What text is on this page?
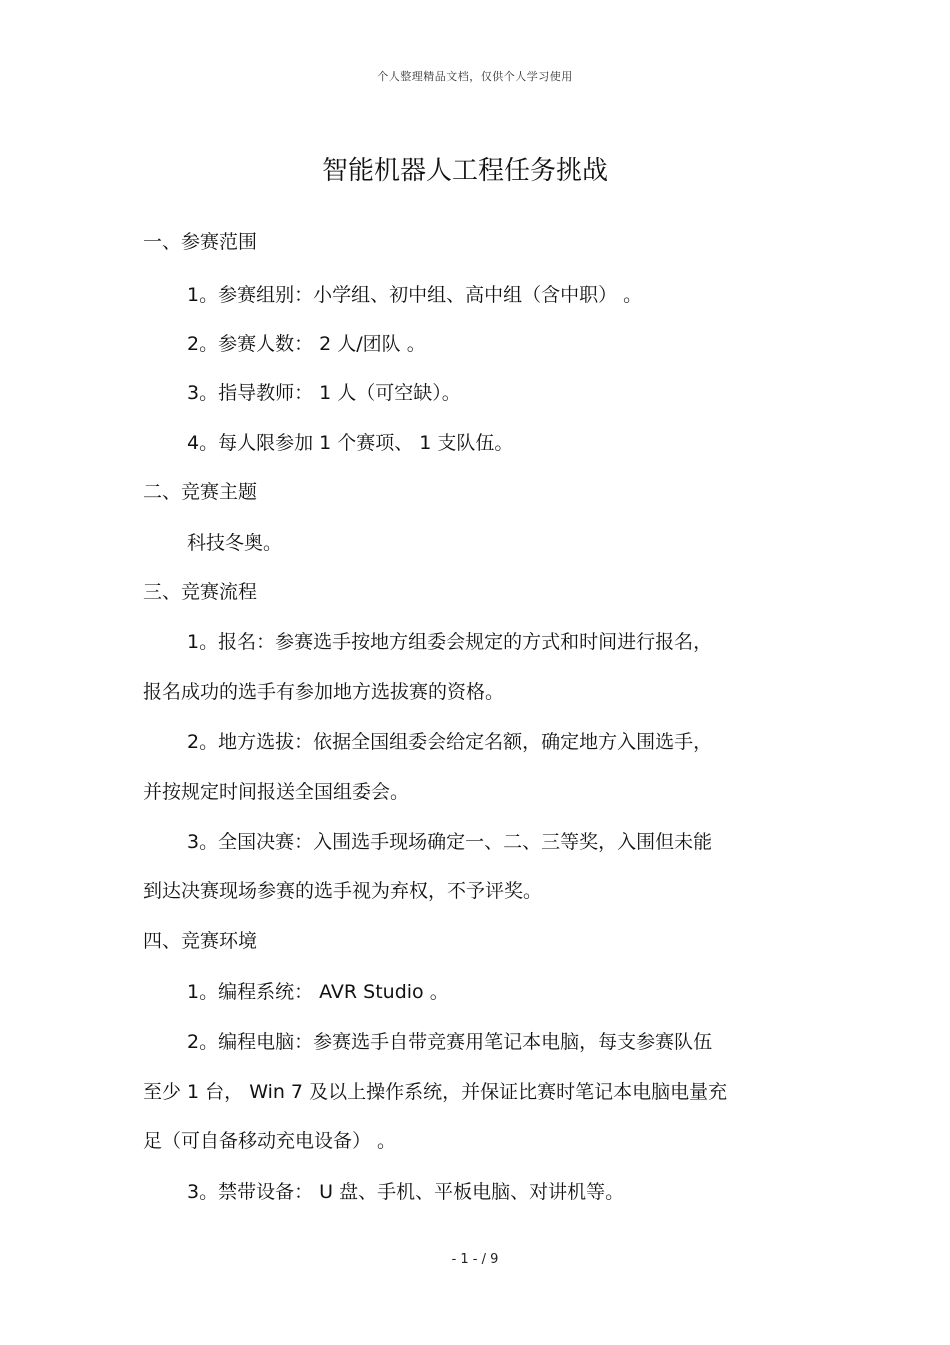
个人整理精品文档，仅供个人学习使用
智能机器人工程任务挑战
一、参赛范围
1。参赛组别：小学组、初中组、高中组（含中职） 。
2。参赛人数： 2 人/团队 。
3。指导教师： 1 人（可空缺）。
4。每人限参加 1 个赛项、 1 支队伍。
二、竞赛主题
科技冬奥。
三、竞赛流程
1。报名：参赛选手按地方组委会规定的方式和时间进行报名，
报名成功的选手有参加地方选拔赛的资格。
2。地方选拔：依据全国组委会给定名额，确定地方入围选手，
并按规定时间报送全国组委会。
3。全国决赛：入围选手现场确定一、二、三等奖，入围但未能
到达决赛现场参赛的选手视为弃权，不予评奖。
四、竞赛环境
1。编程系统： AVR Studio 。
2。编程电脑：参赛选手自带竞赛用笔记本电脑，每支参赛队伍
至少 1 台， Win 7 及以上操作系统，并保证比赛时笔记本电脑电量充
足（可自备移动充电设备） 。
3。禁带设备： U 盘、手机、平板电脑、对讲机等。
- 1 - / 9
